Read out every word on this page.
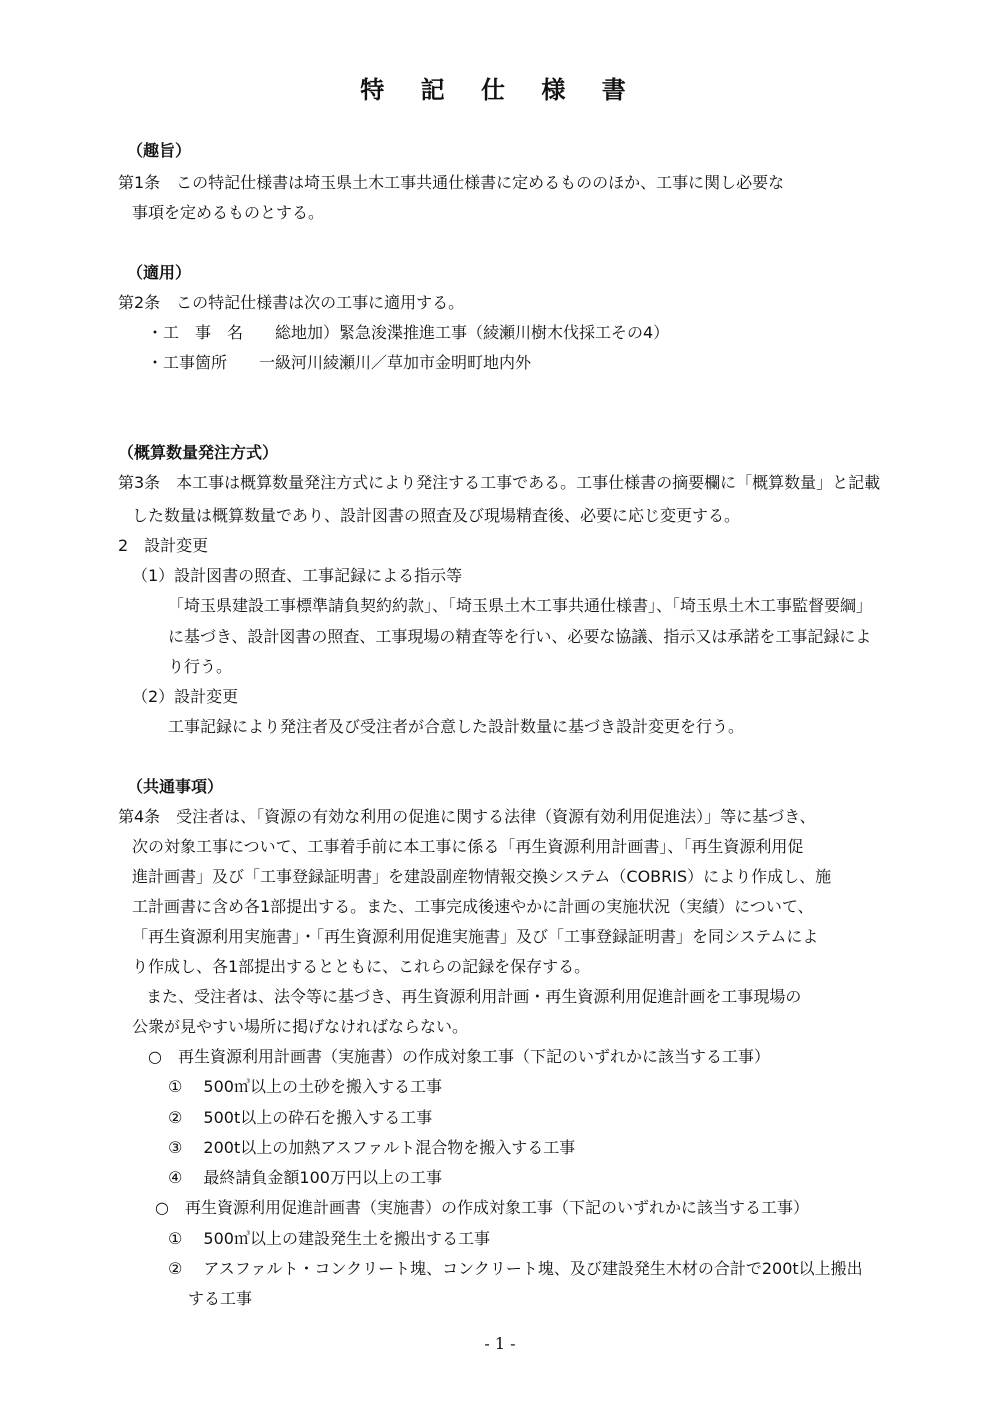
特 記 仕 様 書
（趣旨）
第1条　この特記仕様書は埼玉県土木工事共通仕様書に定めるもののほか、工事に関し必要な
事項を定めるものとする。
（適用）
第2条　この特記仕様書は次の工事に適用する。
・工　事　名　　総地加）緊急浚渫推進工事（綾瀬川樹木伐採工その4）
・工事箇所　　一級河川綾瀬川／草加市金明町地内外
（概算数量発注方式）
第3条　本工事は概算数量発注方式により発注する工事である。工事仕様書の摘要欄に「概算数量」と記載
した数量は概算数量であり、設計図書の照査及び現場精査後、必要に応じ変更する。
2　設計変更
（1）設計図書の照査、工事記録による指示等
「埼玉県建設工事標準請負契約約款」、「埼玉県土木工事共通仕様書」、「埼玉県土木工事監督要綱」
に基づき、設計図書の照査、工事現場の精査等を行い、必要な協議、指示又は承諾を工事記録によ
り行う。
（2）設計変更
工事記録により発注者及び受注者が合意した設計数量に基づき設計変更を行う。
（共通事項）
第4条　受注者は、「資源の有効な利用の促進に関する法律（資源有効利用促進法）」等に基づき、
次の対象工事について、工事着手前に本工事に係る「再生資源利用計画書」、「再生資源利用促
進計画書」及び「工事登録証明書」を建設副産物情報交換システム（COBRIS）により作成し、施
工計画書に含め各1部提出する。また、工事完成後速やかに計画の実施状況（実績）について、
「再生資源利用実施書」・「再生資源利用促進実施書」及び「工事登録証明書」を同システムによ
り作成し、各1部提出するとともに、これらの記録を保存する。
また、受注者は、法令等に基づき、再生資源利用計画・再生資源利用促進計画を工事現場の
公衆が見やすい場所に掲げなければならない。
○　再生資源利用計画書（実施書）の作成対象工事（下記のいずれかに該当する工事）
①　 500㎥以上の土砂を搬入する工事
②　 500t以上の砕石を搬入する工事
③　 200t以上の加熱アスファルト混合物を搬入する工事
④　 最終請負金額100万円以上の工事
○　再生資源利用促進計画書（実施書）の作成対象工事（下記のいずれかに該当する工事）
①　 500㎥以上の建設発生土を搬出する工事
②　 アスファルト・コンクリート塊、コンクリート塊、及び建設発生木材の合計で200t以上搬出
する工事
- 1 -
